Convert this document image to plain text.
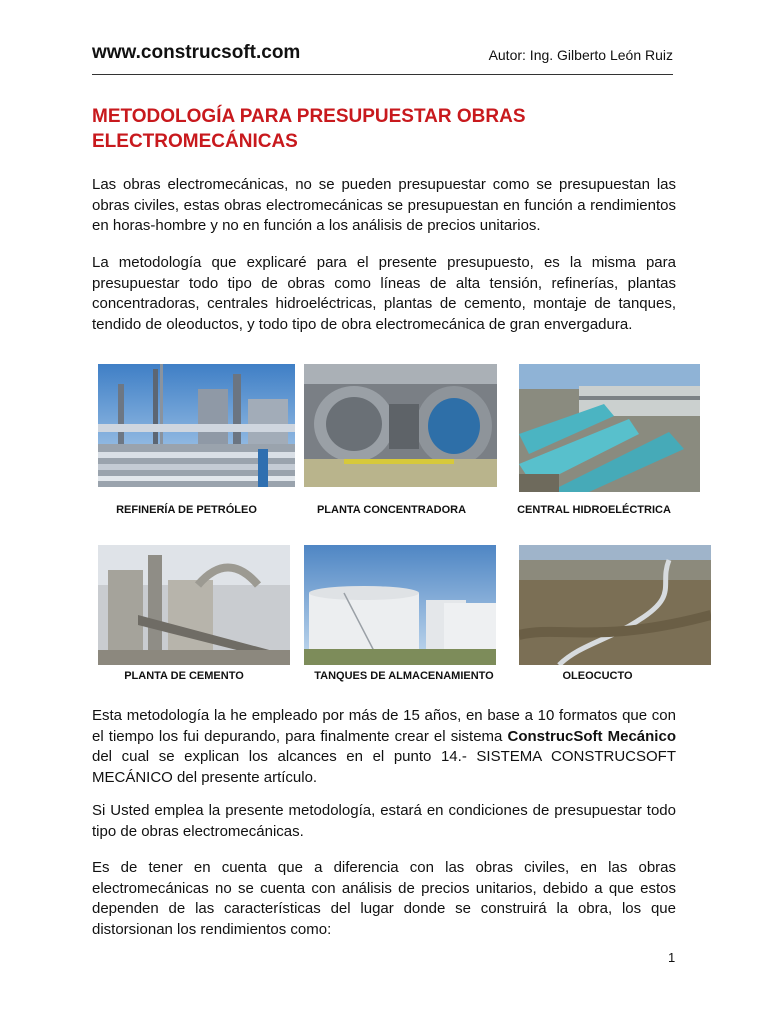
www.construcsoft.com	Autor: Ing. Gilberto León Ruiz
METODOLOGÍA PARA PRESUPUESTAR OBRAS
ELECTROMECÁNICAS

Las obras electromecánicas, no se pueden presupuestar como se presupuestan las obras civiles, estas obras electromecánicas se presupuestan en función a rendimientos en horas-hombre y no en función a los análisis de precios unitarios.

La metodología que explicaré para el presente presupuesto, es la misma para presupuestar todo tipo de obras como líneas de alta tensión, refinerías, plantas concentradoras, centrales hidroeléctricas, plantas de cemento, montaje de tanques, tendido de oleoductos, y todo tipo de obra electromecánica de gran envergadura.

REFINERÍA DE PETRÓLEO	PLANTA CONCENTRADORA	CENTRAL HIDROELÉCTRICA
PLANTA DE CEMENTO	TANQUES DE ALMACENAMIENTO	OLEOCUCTO

Esta metodología la he empleado por más de 15 años, en base a 10 formatos que con el tiempo los fui depurando, para finalmente crear el sistema ConstrucSoft Mecánico del cual se explican los alcances en el punto 14.- SISTEMA CONSTRUCSOFT MECÁNICO del presente artículo.

Si Usted emplea la presente metodología, estará en condiciones de presupuestar todo tipo de obras electromecánicas.

Es de tener en cuenta que a diferencia con las obras civiles, en las obras electromecánicas no se cuenta con análisis de precios unitarios, debido a que estos dependen de las características del lugar donde se construirá la obra, los que distorsionan los rendimientos como:

1
